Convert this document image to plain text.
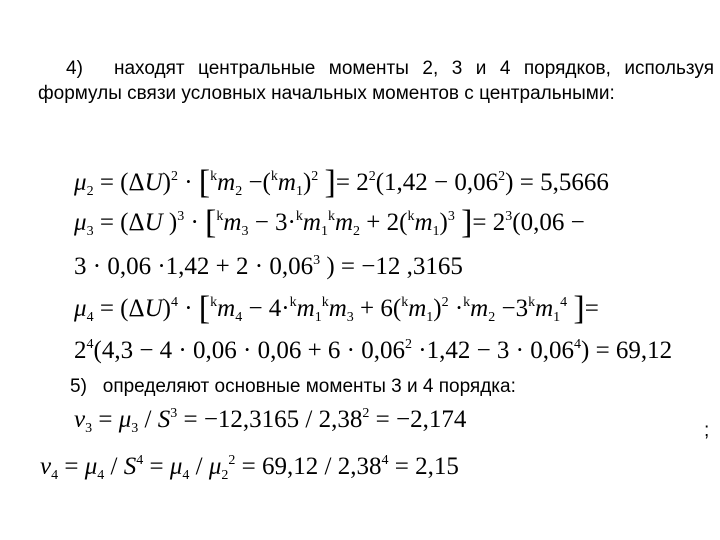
4) находят центральные моменты 2, 3 и 4 порядков, используя формулы связи условных начальных моментов с центральными:
$\mu_2 = (\Delta U)^2 \cdot [^km_2 -(^km_1)^2$ ]= $2^2(1,42 - 0,06^2) = 5,5666$
$\mu_3 = (\Delta U$ )$^3 \cdot [^km_3 - 3\cdot^km_1^km_2 + 2(^km_1)^3$ ]= $2^3(0,06$ −
$3 \cdot 0,06 \cdot 1,42 + 2 \cdot 0,06^3$ ) = −12 ,3165
$\mu_4 = (\Delta U)^4 \cdot [^km_4 - 4\cdot^km_1^km_3 + 6(^km_1)^2 \cdot^km_2 -3^km_1^4$ ]=
$2^4(4,3 - 4 \cdot 0,06 \cdot 0,06 + 6 \cdot 0,06^2 \cdot 1,42 - 3 \cdot 0,06^4) = 69,12$
5) определяют основные моменты 3 и 4 порядка:
$\nu_3 = \mu_3 / S^3 = -12,3165 / 2,38^2 = -2,174$	;
$\nu_4 = \mu_4 / S^4 = \mu_4 / \mu_2^2 = 69,12 / 2,38^4 = 2,15$
